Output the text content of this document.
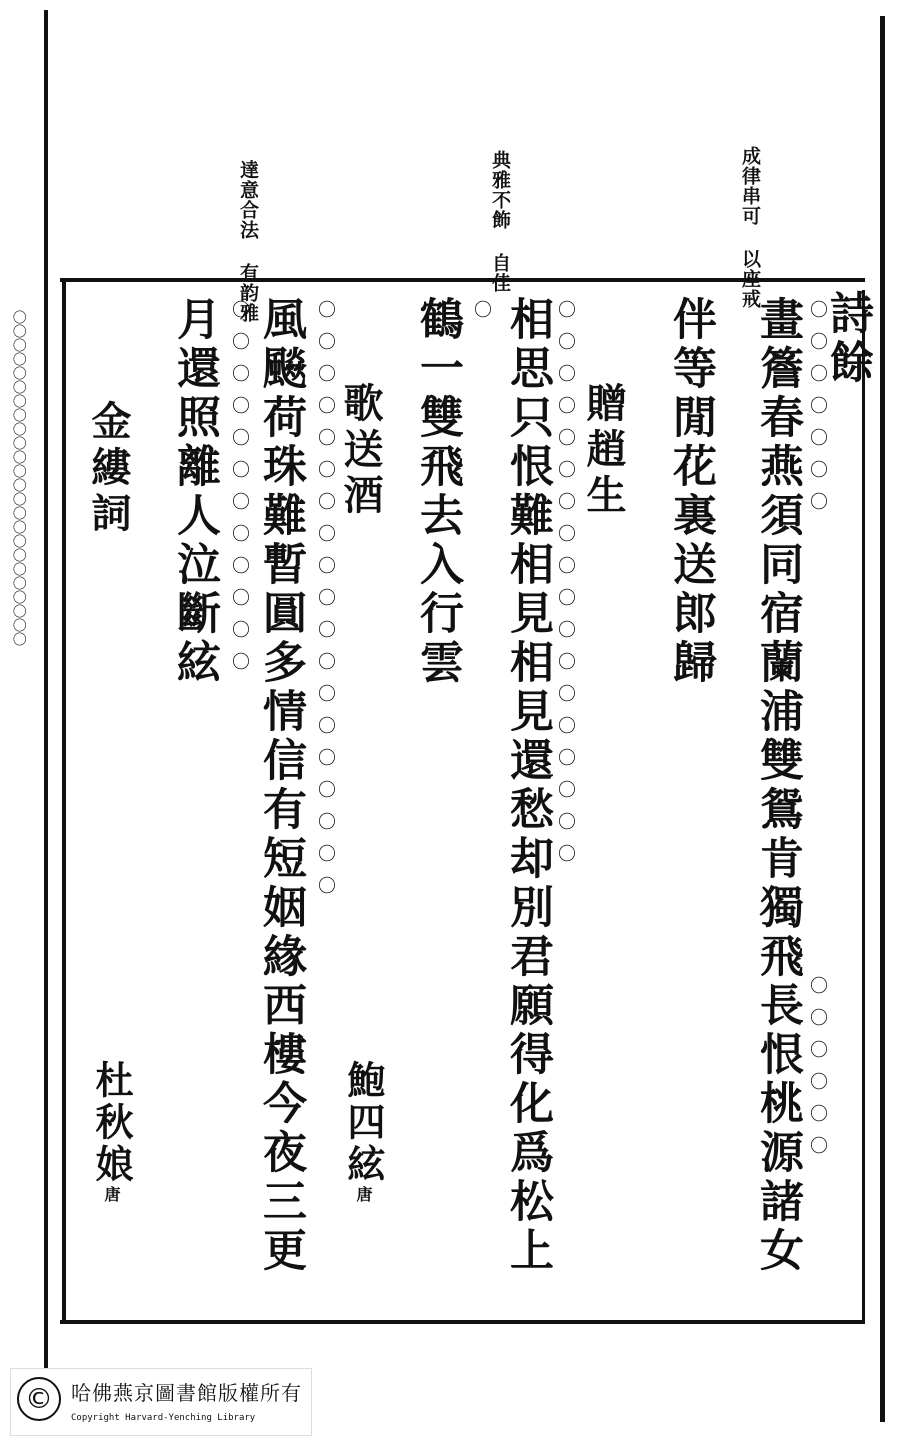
〇〇〇〇〇〇〇〇〇〇〇〇〇〇〇〇〇〇〇〇〇〇〇〇	詩餘
成律串可 以座戒
典雅不飾 自佳
達意合法 有韵雅
畫簷春燕須同宿蘭浦雙鴛肯獨飛長恨桃源諸女
伴等閒花裏送郎歸
贈趙生
相思只恨難相見相見還愁却別君願得化爲松上
鶴一雙飛去入行雲
歌送酒
鮑四絃唐
風飈荷珠難暫圓多情信有短姻緣西樓今夜三更
月還照離人泣斷絃
金縷詞
杜秋娘唐
〇〇〇〇〇〇〇
〇〇〇〇〇〇
〇〇〇〇〇〇〇〇〇〇〇〇〇〇〇〇〇〇
〇
〇〇〇〇〇〇〇〇〇〇〇〇〇〇〇〇〇〇〇
〇〇〇〇〇〇〇〇〇〇〇〇
© 哈佛燕京圖書館版權所有
Copyright Harvard-Yenching Library
